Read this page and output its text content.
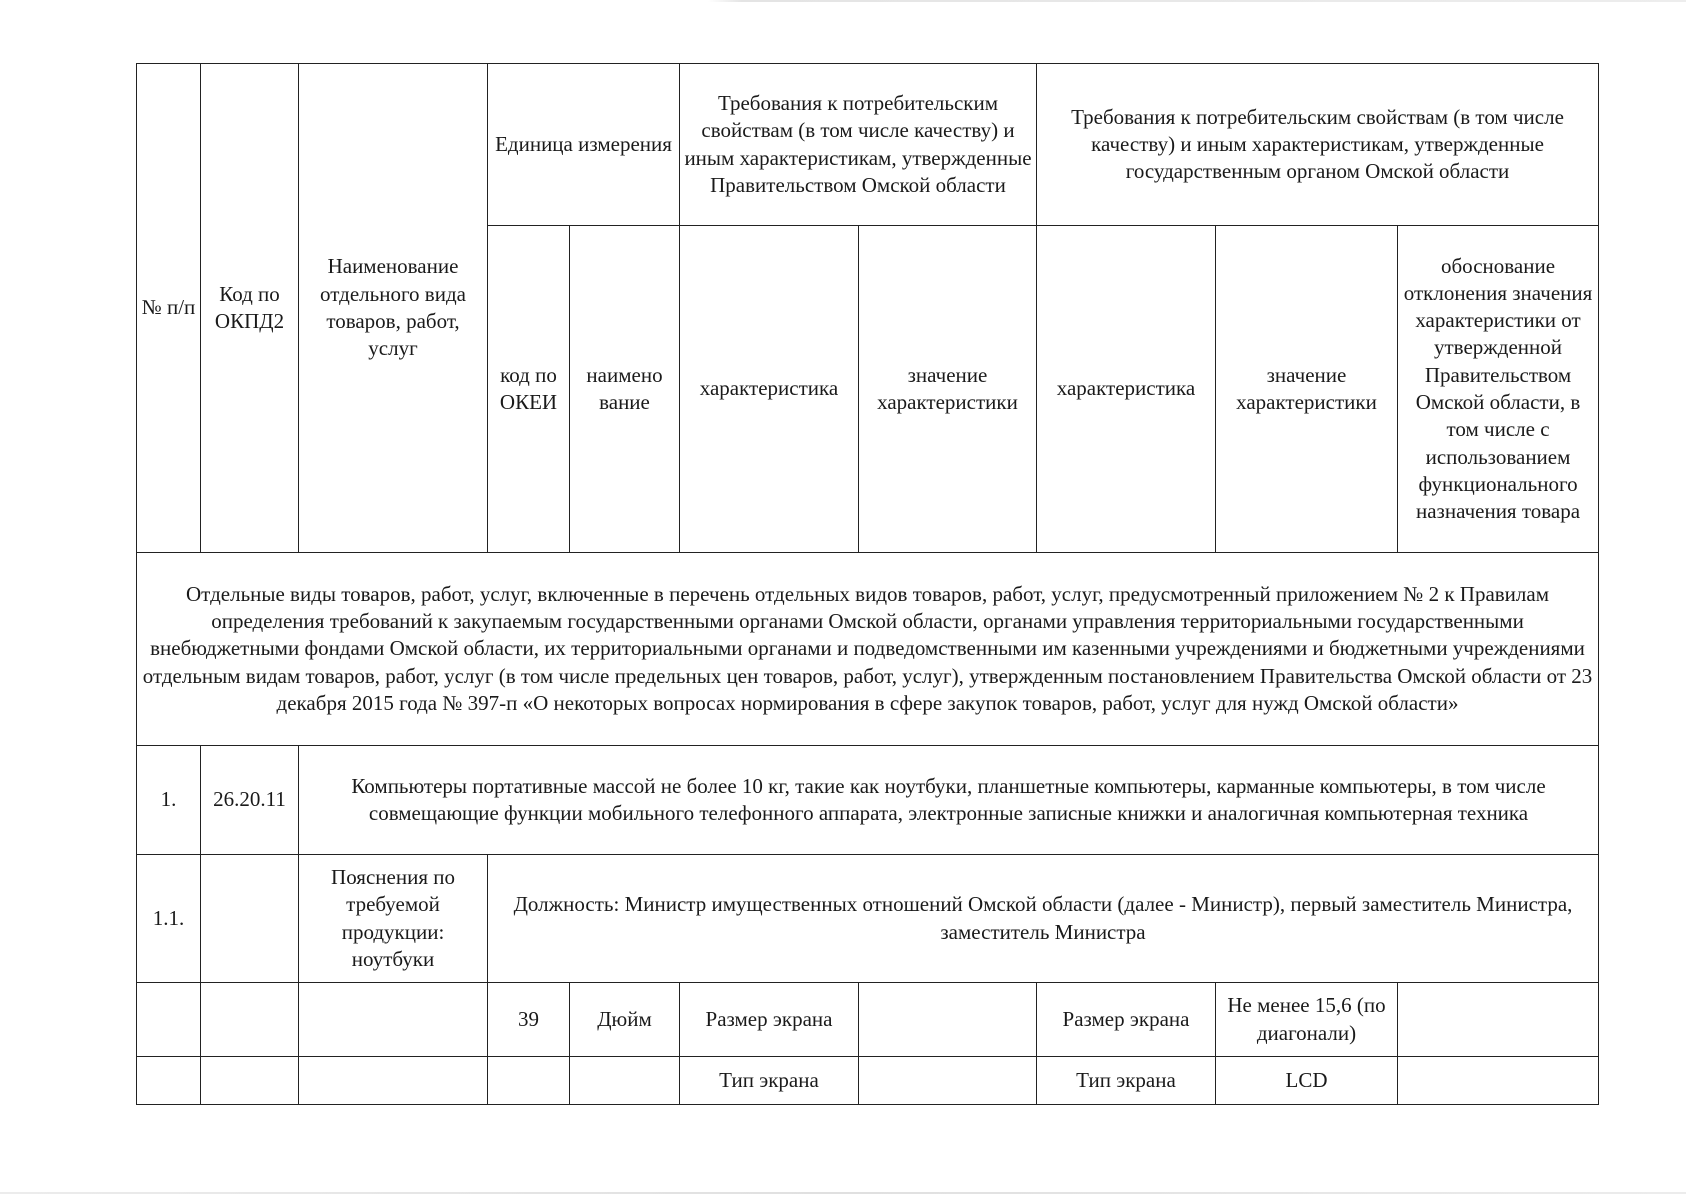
№ п/п	Код по ОКПД2	Наименование отдельного вида товаров, работ, услуг	Единица измерения		Требования к потребительским свойствам (в том числе качеству) и иным характеристикам, утвержденные Правительством Омской области		Требования к потребительским свойствам (в том числе качеству) и иным характеристикам, утвержденные государственным органом Омской области		
			код по ОКЕИ	наимено вание	характеристика	значение характеристики	характеристика	значение характеристики	обоснование отклонения значения характеристики от утвержденной Правительством Омской области, в том числе с использованием функционального назначения товара
Отдельные виды товаров, работ, услуг, включенные в перечень отдельных видов товаров, работ, услуг, предусмотренный приложением № 2 к Правилам определения требований к закупаемым государственными органами Омской области, органами управления территориальными государственными внебюджетными фондами Омской области, их территориальными органами и подведомственными им казенными учреждениями и бюджетными учреждениями отдельным видам товаров, работ, услуг (в том числе предельных цен товаров, работ, услуг), утвержденным постановлением Правительства Омской области от 23 декабря 2015 года № 397-п «О некоторых вопросах нормирования в сфере закупок товаров, работ, услуг для нужд Омской области»									
1.	26.20.11	Компьютеры портативные массой не более 10 кг, такие как ноутбуки, планшетные компьютеры, карманные компьютеры, в том числе совмещающие функции мобильного телефонного аппарата, электронные записные книжки и аналогичная компьютерная техника							
1.1.		Пояснения по требуемой продукции: ноутбуки	Должность: Министр имущественных отношений Омской области (далее - Министр), первый заместитель Министра, заместитель Министра						
			39	Дюйм	Размер экрана		Размер экрана	Не менее 15,6 (по диагонали)	
					Тип экрана		Тип экрана	LCD	
